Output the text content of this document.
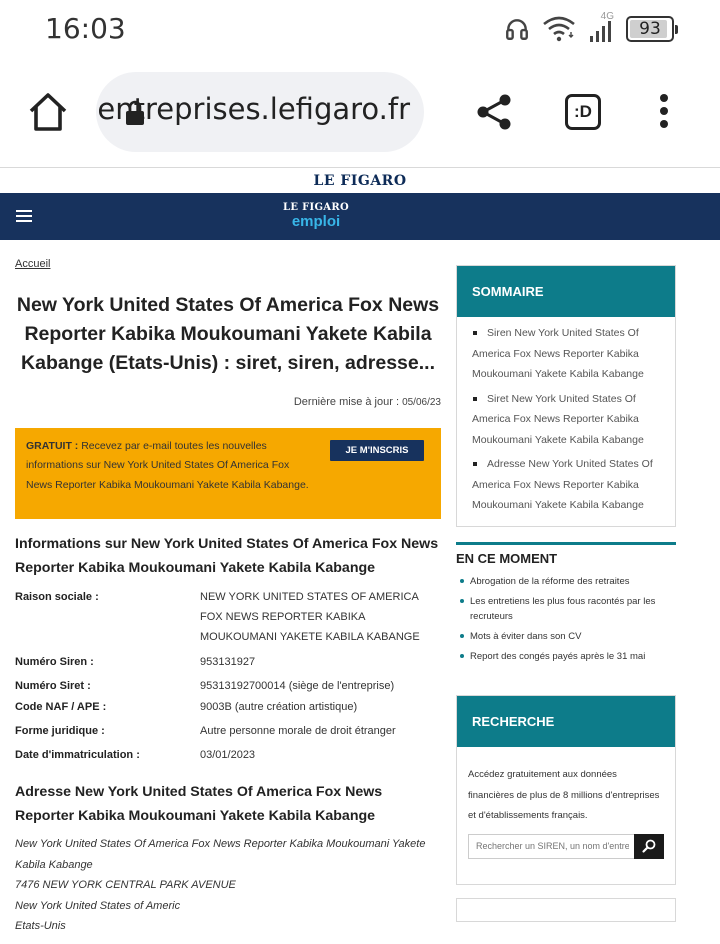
16:03	4G
93
entreprises.lefigaro.fr	:D
LE FIGARO
LE FIGARO
emploi
Accueil
New York United States Of America Fox News Reporter Kabika Moukoumani Yakete Kabila Kabange (Etats-Unis) : siret, siren, adresse...
Dernière mise à jour : 05/06/23
GRATUIT : Recevez par e-mail toutes les nouvelles informations sur New York United States Of America Fox News Reporter Kabika Moukoumani Yakete Kabila Kabange.
JE M'INSCRIS
Informations sur New York United States Of America Fox News Reporter Kabika Moukoumani Yakete Kabila Kabange
Raison sociale :	NEW YORK UNITED STATES OF AMERICA FOX NEWS REPORTER KABIKA MOUKOUMANI YAKETE KABILA KABANGE
Numéro Siren :	953131927
Numéro Siret :	95313192700014 (siège de l'entreprise)
Code NAF / APE :	9003B (autre création artistique)
Forme juridique :	Autre personne morale de droit étranger
Date d'immatriculation :	03/01/2023
Adresse New York United States Of America Fox News Reporter Kabika Moukoumani Yakete Kabila Kabange
New York United States Of America Fox News Reporter Kabika Moukoumani Yakete Kabila Kabange
7476 NEW YORK CENTRAL PARK AVENUE
New York United States of Americ
Etats-Unis
SOMMAIRE
Siren New York United States Of America Fox News Reporter Kabika Moukoumani Yakete Kabila Kabange
Siret New York United States Of America Fox News Reporter Kabika Moukoumani Yakete Kabila Kabange
Adresse New York United States Of America Fox News Reporter Kabika Moukoumani Yakete Kabila Kabange
EN CE MOMENT
Abrogation de la réforme des retraites
Les entretiens les plus fous racontés par les recruteurs
Mots à éviter dans son CV
Report des congés payés après le 31 mai
RECHERCHE
Accédez gratuitement aux données financières de plus de 8 millions d'entreprises et d'établissements français.
Rechercher un SIREN, un nom d'entreprise...
